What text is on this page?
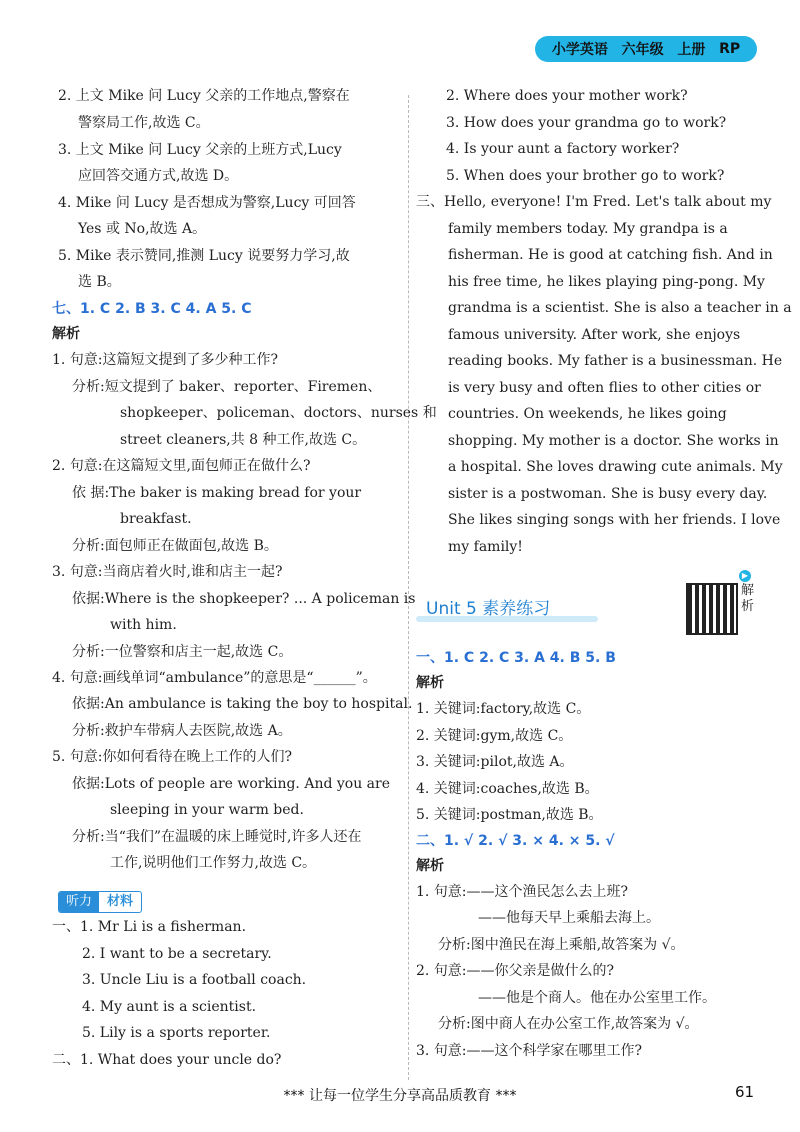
小学英语 六年级 上册 RP
听力	材料
2. 上文 Mike 问 Lucy 父亲的工作地点,警察在
警察局工作,故选 C。
3. 上文 Mike 问 Lucy 父亲的上班方式,Lucy
应回答交通方式,故选 D。
4. Mike 问 Lucy 是否想成为警察,Lucy 可回答
Yes 或 No,故选 A。
5. Mike 表示赞同,推测 Lucy 说要努力学习,故
选 B。
七、1. C 2. B 3. C 4. A 5. C
解析
1. 句意:这篇短文提到了多少种工作?
分析:短文提到了 baker、reporter、Firemen、
shopkeeper、policeman、doctors、nurses 和
street cleaners,共 8 种工作,故选 C。
2. 句意:在这篇短文里,面包师正在做什么?
依 据:The baker is making bread for your
breakfast.
分析:面包师正在做面包,故选 B。
3. 句意:当商店着火时,谁和店主一起?
依据:Where is the shopkeeper? ... A policeman is
with him.
分析:一位警察和店主一起,故选 C。
4. 句意:画线单词“ambulance”的意思是“______”。
依据:An ambulance is taking the boy to hospital.
分析:救护车带病人去医院,故选 A。
5. 句意:你如何看待在晚上工作的人们?
依据:Lots of people are working. And you are
sleeping in your warm bed.
分析:当“我们”在温暖的床上睡觉时,许多人还在
工作,说明他们工作努力,故选 C。
一、1. Mr Li is a fisherman.
2. I want to be a secretary.
3. Uncle Liu is a football coach.
4. My aunt is a scientist.
5. Lily is a sports reporter.
二、1. What does your uncle do?
Unit 5 素养练习
▶
解析
2. Where does your mother work?
3. How does your grandma go to work?
4. Is your aunt a factory worker?
5. When does your brother go to work?
三、Hello, everyone! I'm Fred. Let's talk about my
family members today. My grandpa is a
fisherman. He is good at catching fish. And in
his free time, he likes playing ping-pong. My
grandma is a scientist. She is also a teacher in a
famous university. After work, she enjoys
reading books. My father is a businessman. He
is very busy and often flies to other cities or
countries. On weekends, he likes going
shopping. My mother is a doctor. She works in
a hospital. She loves drawing cute animals. My
sister is a postwoman. She is busy every day.
She likes singing songs with her friends. I love
my family!
一、1. C 2. C 3. A 4. B 5. B
解析
1. 关键词:factory,故选 C。
2. 关键词:gym,故选 C。
3. 关键词:pilot,故选 A。
4. 关键词:coaches,故选 B。
5. 关键词:postman,故选 B。
二、1. √ 2. √ 3. × 4. × 5. √
解析
1. 句意:——这个渔民怎么去上班?
——他每天早上乘船去海上。
分析:图中渔民在海上乘船,故答案为 √。
2. 句意:——你父亲是做什么的?
——他是个商人。他在办公室里工作。
分析:图中商人在办公室工作,故答案为 √。
3. 句意:——这个科学家在哪里工作?
*** 让每一位学生分享高品质教育 ***	61
